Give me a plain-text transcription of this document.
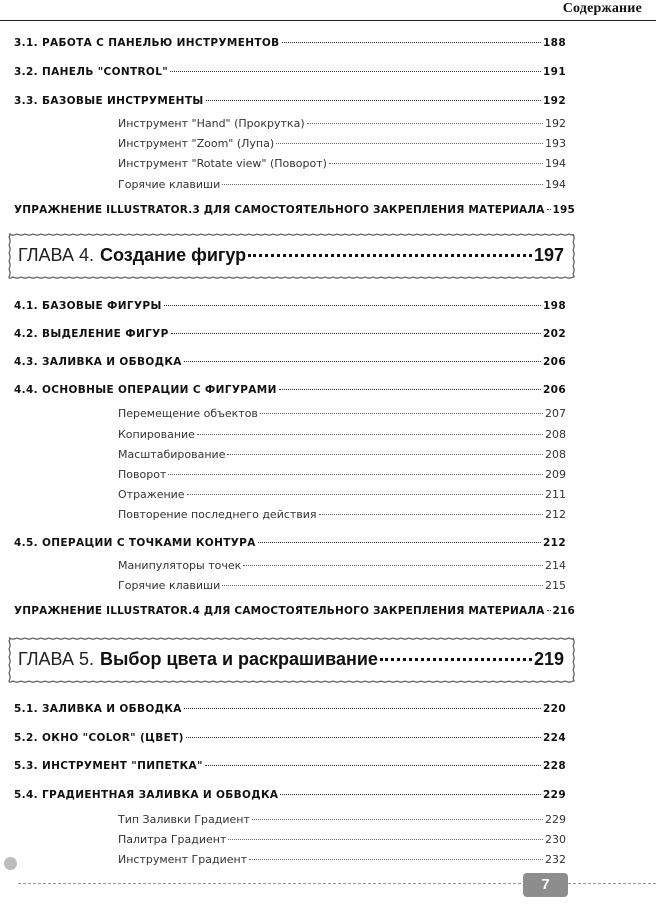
Содержание
3.1. РАБОТА С ПАНЕЛЬЮ ИНСТРУМЕНТОВ	188
3.2. ПАНЕЛЬ "CONTROL"	191
3.3. БАЗОВЫЕ ИНСТРУМЕНТЫ	192
Инструмент "Hand" (Прокрутка)	192
Инструмент "Zoom" (Лупа)	193
Инструмент "Rotate view" (Поворот)	194
Горячие клавиши	194
УПРАЖНЕНИЕ ILLUSTRATOR.3 ДЛЯ САМОСТОЯТЕЛЬНОГО ЗАКРЕПЛЕНИЯ МАТЕРИАЛА 195
ГЛАВА 4. Создание фигур	197
4.1. БАЗОВЫЕ ФИГУРЫ	198
4.2. ВЫДЕЛЕНИЕ ФИГУР	202
4.3. ЗАЛИВКА И ОБВОДКА	206
4.4. ОСНОВНЫЕ ОПЕРАЦИИ С ФИГУРАМИ	206
Перемещение объектов	207
Копирование	208
Масштабирование	208
Поворот	209
Отражение	211
Повторение последнего действия	212
4.5. ОПЕРАЦИИ С ТОЧКАМИ КОНТУРА	212
Манипуляторы точек	214
Горячие клавиши	215
УПРАЖНЕНИЕ ILLUSTRATOR.4 ДЛЯ САМОСТОЯТЕЛЬНОГО ЗАКРЕПЛЕНИЯ МАТЕРИАЛА 216
ГЛАВА 5. Выбор цвета и раскрашивание	219
5.1. ЗАЛИВКА И ОБВОДКА	220
5.2. ОКНО "COLOR" (ЦВЕТ)	224
5.3. ИНСТРУМЕНТ "ПИПЕТКА"	228
5.4. ГРАДИЕНТНАЯ ЗАЛИВКА И ОБВОДКА	229
Тип Заливки Градиент	229
Палитра Градиент	230
Инструмент Градиент	232
7
